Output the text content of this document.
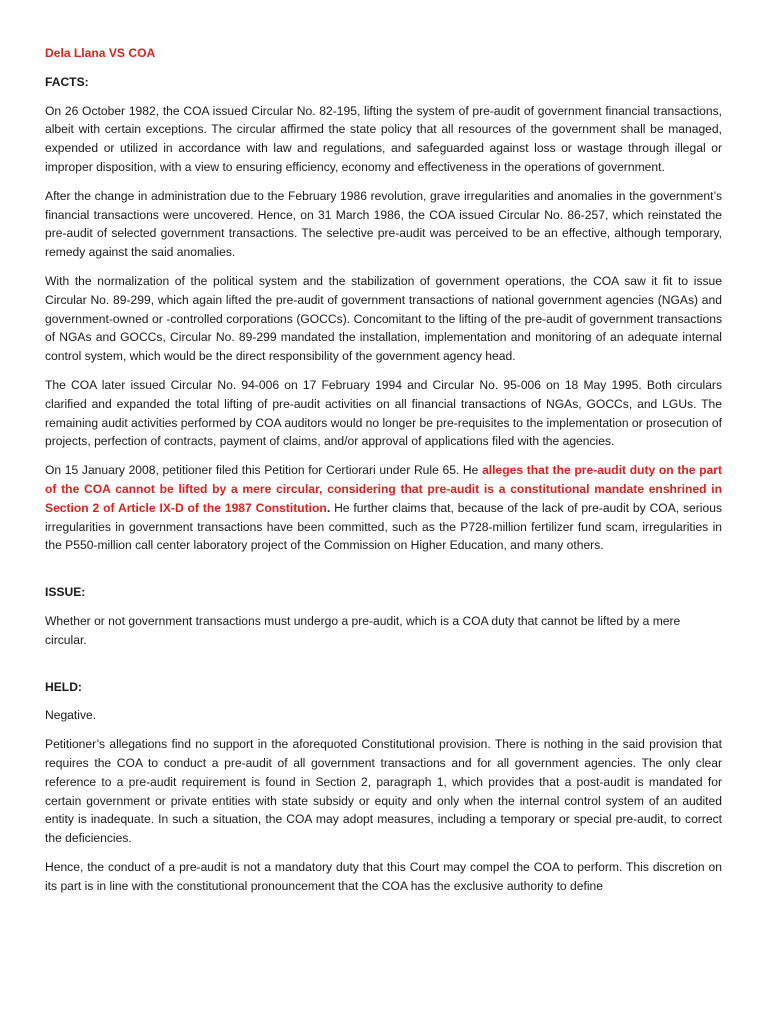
Dela Llana VS COA
FACTS:

On 26 October 1982, the COA issued Circular No. 82-195, lifting the system of pre-audit of government financial transactions, albeit with certain exceptions. The circular affirmed the state policy that all resources of the government shall be managed, expended or utilized in accordance with law and regulations, and safeguarded against loss or wastage through illegal or improper disposition, with a view to ensuring efficiency, economy and effectiveness in the operations of government.

After the change in administration due to the February 1986 revolution, grave irregularities and anomalies in the government’s financial transactions were uncovered. Hence, on 31 March 1986, the COA issued Circular No. 86-257, which reinstated the pre-audit of selected government transactions. The selective pre-audit was perceived to be an effective, although temporary, remedy against the said anomalies.

With the normalization of the political system and the stabilization of government operations, the COA saw it fit to issue Circular No. 89-299, which again lifted the pre-audit of government transactions of national government agencies (NGAs) and government-owned or -controlled corporations (GOCCs). Concomitant to the lifting of the pre-audit of government transactions of NGAs and GOCCs, Circular No. 89-299 mandated the installation, implementation and monitoring of an adequate internal control system, which would be the direct responsibility of the government agency head.

The COA later issued Circular No. 94-006 on 17 February 1994 and Circular No. 95-006 on 18 May 1995. Both circulars clarified and expanded the total lifting of pre-audit activities on all financial transactions of NGAs, GOCCs, and LGUs. The remaining audit activities performed by COA auditors would no longer be pre-requisites to the implementation or prosecution of projects, perfection of contracts, payment of claims, and/or approval of applications filed with the agencies.

On 15 January 2008, petitioner filed this Petition for Certiorari under Rule 65. He alleges that the pre-audit duty on the part of the COA cannot be lifted by a mere circular, considering that pre-audit is a constitutional mandate enshrined in Section 2 of Article IX-D of the 1987 Constitution. He further claims that, because of the lack of pre-audit by COA, serious irregularities in government transactions have been committed, such as the P728-million fertilizer fund scam, irregularities in the P550-million call center laboratory project of the Commission on Higher Education, and many others.

ISSUE:

Whether or not government transactions must undergo a pre-audit, which is a COA duty that cannot be lifted by a mere circular.

HELD:

Negative.

Petitioner’s allegations find no support in the aforequoted Constitutional provision. There is nothing in the said provision that requires the COA to conduct a pre-audit of all government transactions and for all government agencies. The only clear reference to a pre-audit requirement is found in Section 2, paragraph 1, which provides that a post-audit is mandated for certain government or private entities with state subsidy or equity and only when the internal control system of an audited entity is inadequate. In such a situation, the COA may adopt measures, including a temporary or special pre-audit, to correct the deficiencies.

Hence, the conduct of a pre-audit is not a mandatory duty that this Court may compel the COA to perform. This discretion on its part is in line with the constitutional pronouncement that the COA has the exclusive authority to define
